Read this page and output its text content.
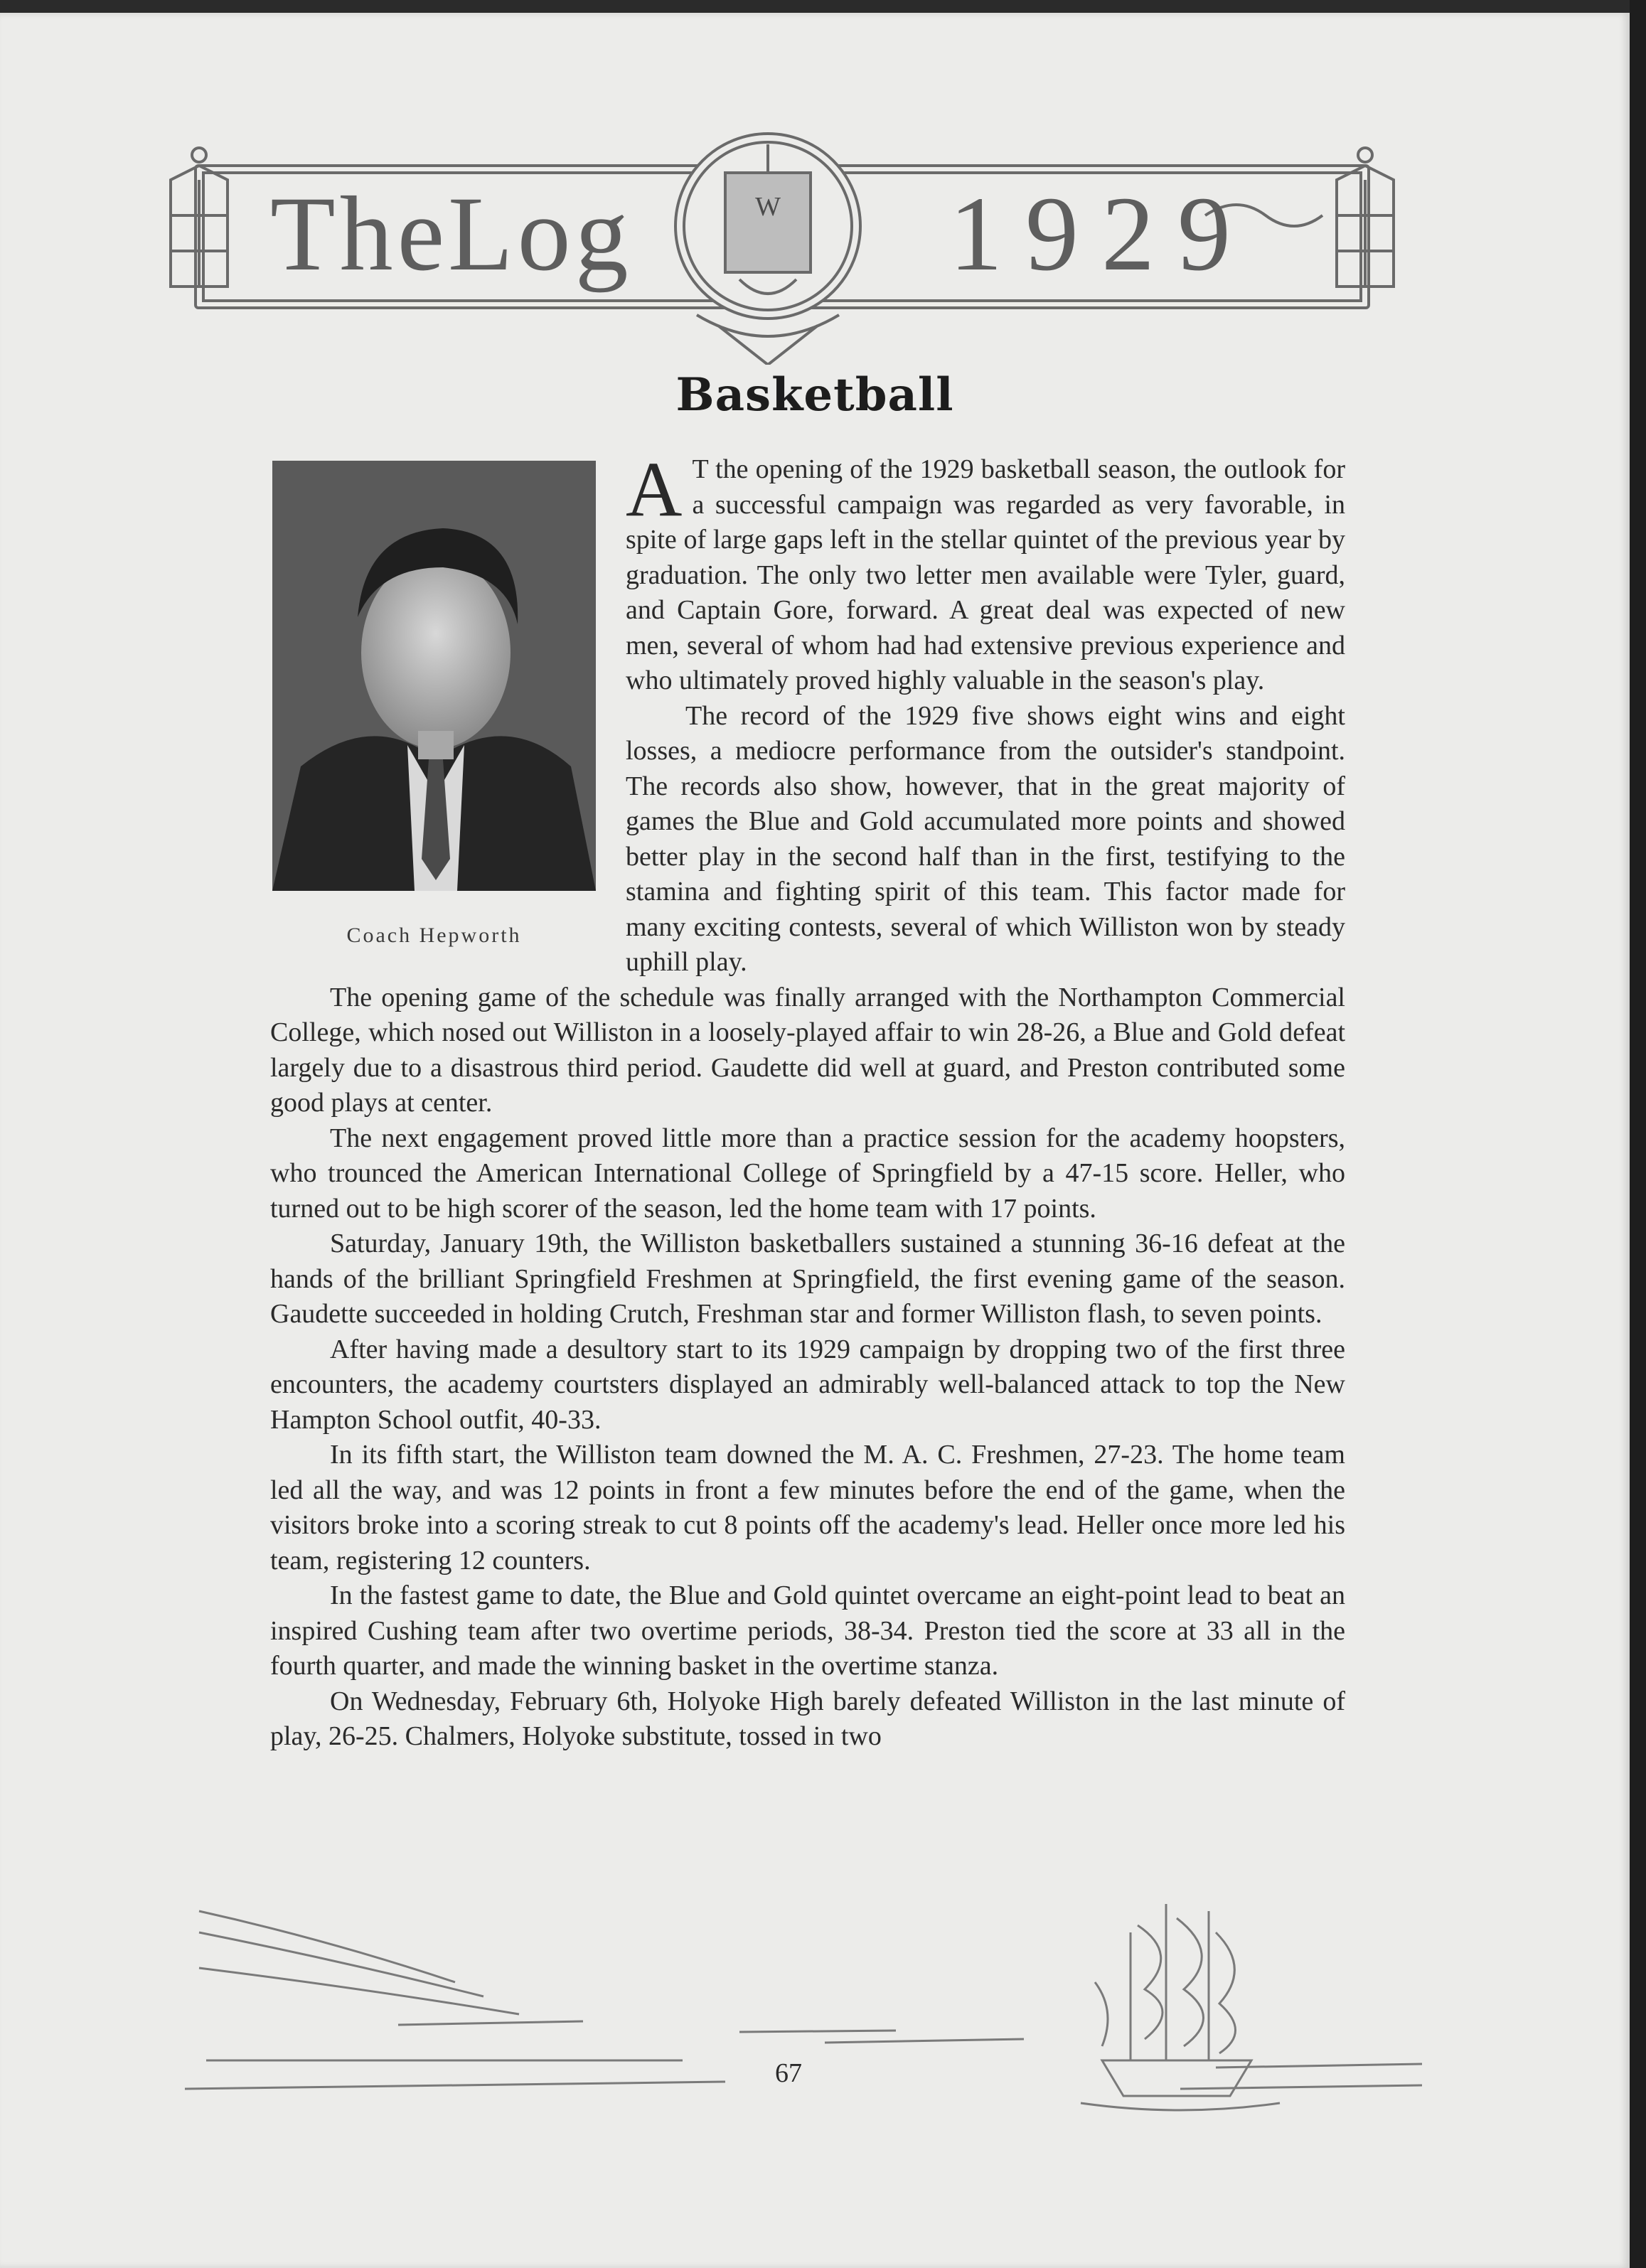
W
The
Log	1929
Basketball
Coach Hepworth

A T the opening of the 1929 basketball season, the outlook for a successful campaign was regarded as very favorable, in spite of large gaps left in the stellar quintet of the previous year by graduation. The only two letter men available were Tyler, guard, and Captain Gore, forward. A great deal was expected of new men, several of whom had had extensive previous experience and who ultimately proved highly valuable in the season's play.

The record of the 1929 five shows eight wins and eight losses, a mediocre performance from the outsider's standpoint. The records also show, however, that in the great majority of games the Blue and Gold accumulated more points and showed better play in the second half than in the first, testifying to the stamina and fighting spirit of this team. This factor made for many exciting contests, several of which Williston won by steady uphill play.

The opening game of the schedule was finally arranged with the Northampton Commercial College, which nosed out Williston in a loosely-played affair to win 28-26, a Blue and Gold defeat largely due to a disastrous third period. Gaudette did well at guard, and Preston contributed some good plays at center.

The next engagement proved little more than a practice session for the academy hoopsters, who trounced the American International College of Springfield by a 47-15 score. Heller, who turned out to be high scorer of the season, led the home team with 17 points.

Saturday, January 19th, the Williston basketballers sustained a stunning 36-16 defeat at the hands of the brilliant Springfield Freshmen at Springfield, the first evening game of the season. Gaudette succeeded in holding Crutch, Freshman star and former Williston flash, to seven points.

After having made a desultory start to its 1929 campaign by dropping two of the first three encounters, the academy courtsters displayed an admirably well-balanced attack to top the New Hampton School outfit, 40-33.

In its fifth start, the Williston team downed the M. A. C. Freshmen, 27-23. The home team led all the way, and was 12 points in front a few minutes before the end of the game, when the visitors broke into a scoring streak to cut 8 points off the academy's lead. Heller once more led his team, registering 12 counters.

In the fastest game to date, the Blue and Gold quintet overcame an eight-point lead to beat an inspired Cushing team after two overtime periods, 38-34. Preston tied the score at 33 all in the fourth quarter, and made the winning basket in the overtime stanza.

On Wednesday, February 6th, Holyoke High barely defeated Williston in the last minute of play, 26-25. Chalmers, Holyoke substitute, tossed in two

67
